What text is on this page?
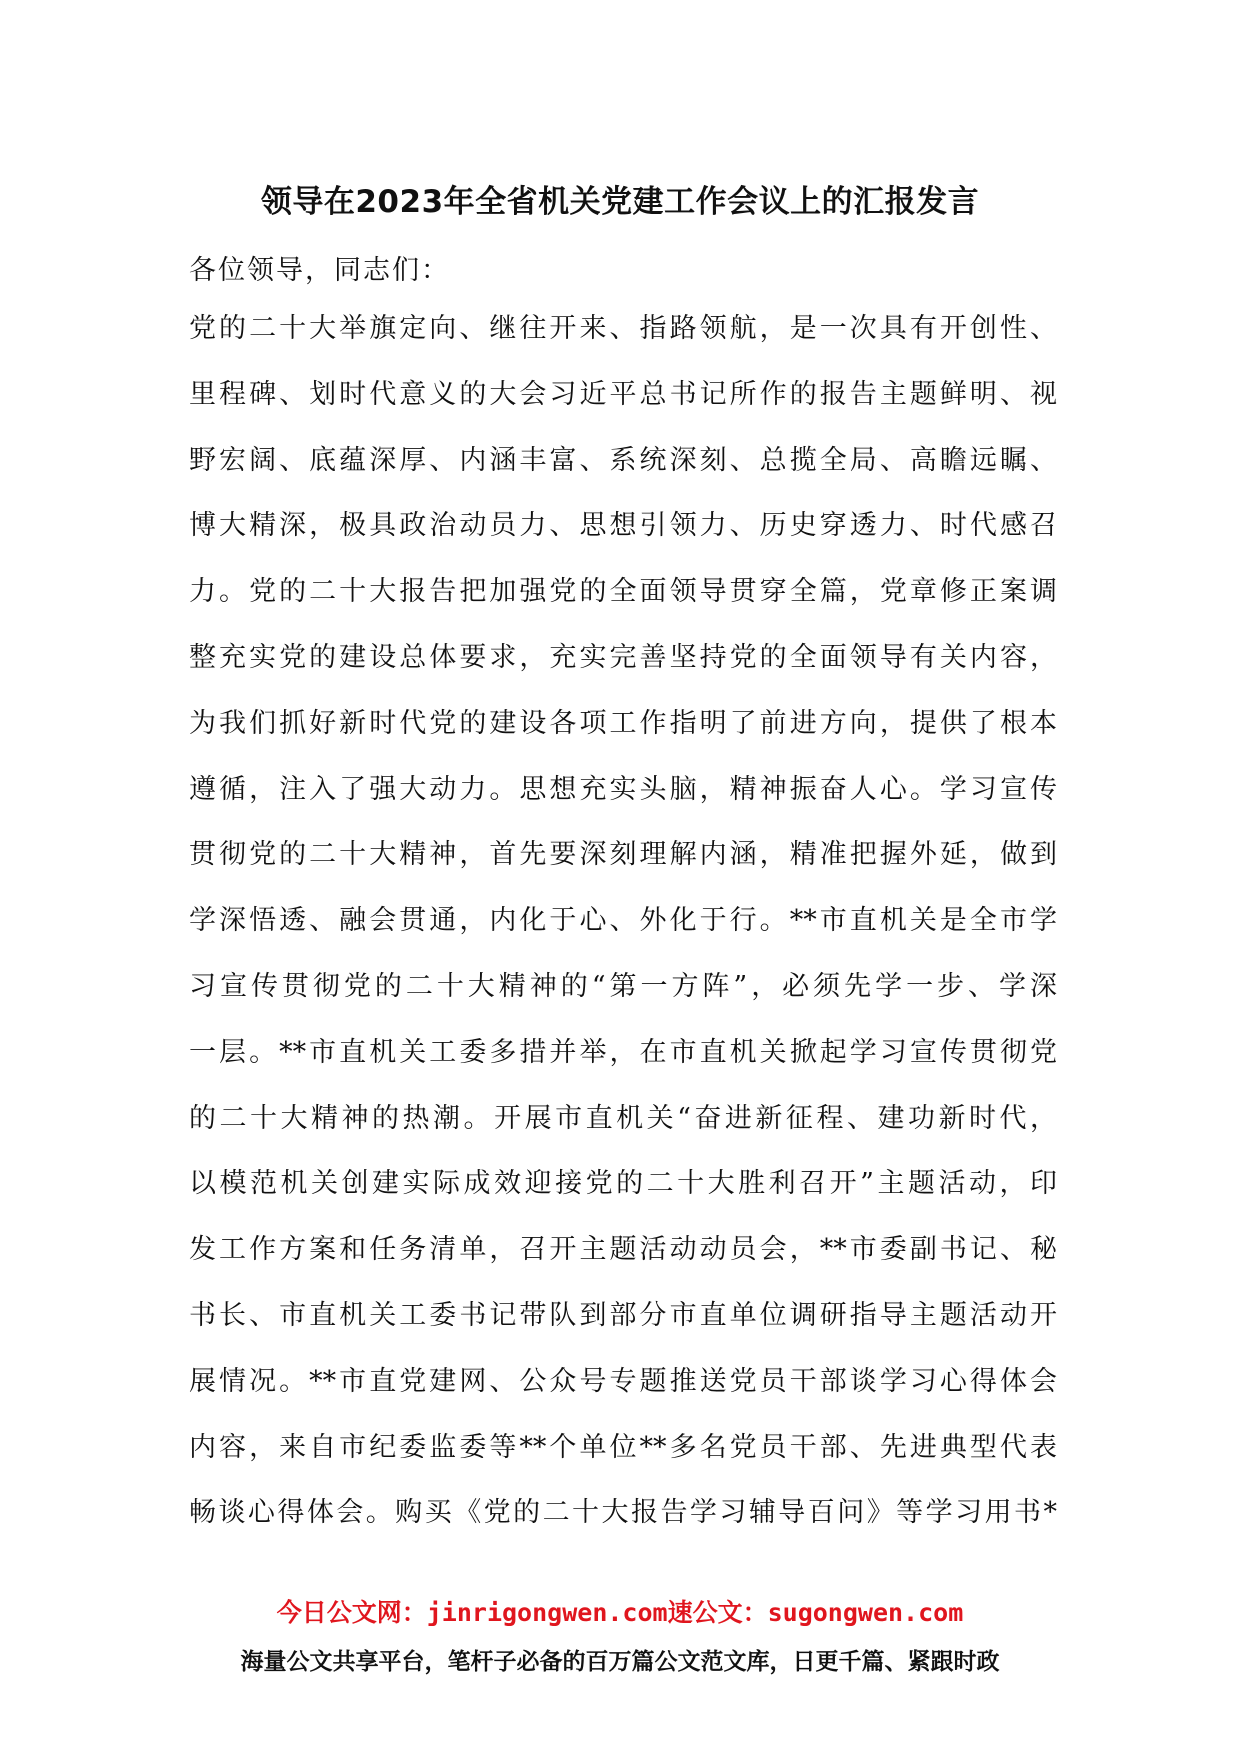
领导在2023年全省机关党建工作会议上的汇报发言
各位领导，同志们：
党的二十大举旗定向、继往开来、指路领航，是一次具有开创性、
里程碑、划时代意义的大会习近平总书记所作的报告主题鲜明、视
野宏阔、底蕴深厚、内涵丰富、系统深刻、总揽全局、高瞻远瞩、
博大精深，极具政治动员力、思想引领力、历史穿透力、时代感召
力。党的二十大报告把加强党的全面领导贯穿全篇，党章修正案调
整充实党的建设总体要求，充实完善坚持党的全面领导有关内容，
为我们抓好新时代党的建设各项工作指明了前进方向，提供了根本
遵循，注入了强大动力。思想充实头脑，精神振奋人心。学习宣传
贯彻党的二十大精神，首先要深刻理解内涵，精准把握外延，做到
学深悟透、融会贯通，内化于心、外化于行。**市直机关是全市学
习宣传贯彻党的二十大精神的“第一方阵”，必须先学一步、学深
一层。**市直机关工委多措并举，在市直机关掀起学习宣传贯彻党
的二十大精神的热潮。开展市直机关“奋进新征程、建功新时代，
以模范机关创建实际成效迎接党的二十大胜利召开”主题活动，印
发工作方案和任务清单，召开主题活动动员会，**市委副书记、秘
书长、市直机关工委书记带队到部分市直单位调研指导主题活动开
展情况。**市直党建网、公众号专题推送党员干部谈学习心得体会
内容，来自市纪委监委等**个单位**多名党员干部、先进典型代表
畅谈心得体会。购买《党的二十大报告学习辅导百问》等学习用书*
今日公文网：jinrigongwen.com速公文：sugongwen.com
海量公文共享平台，笔杆子必备的百万篇公文范文库，日更千篇、紧跟时政
